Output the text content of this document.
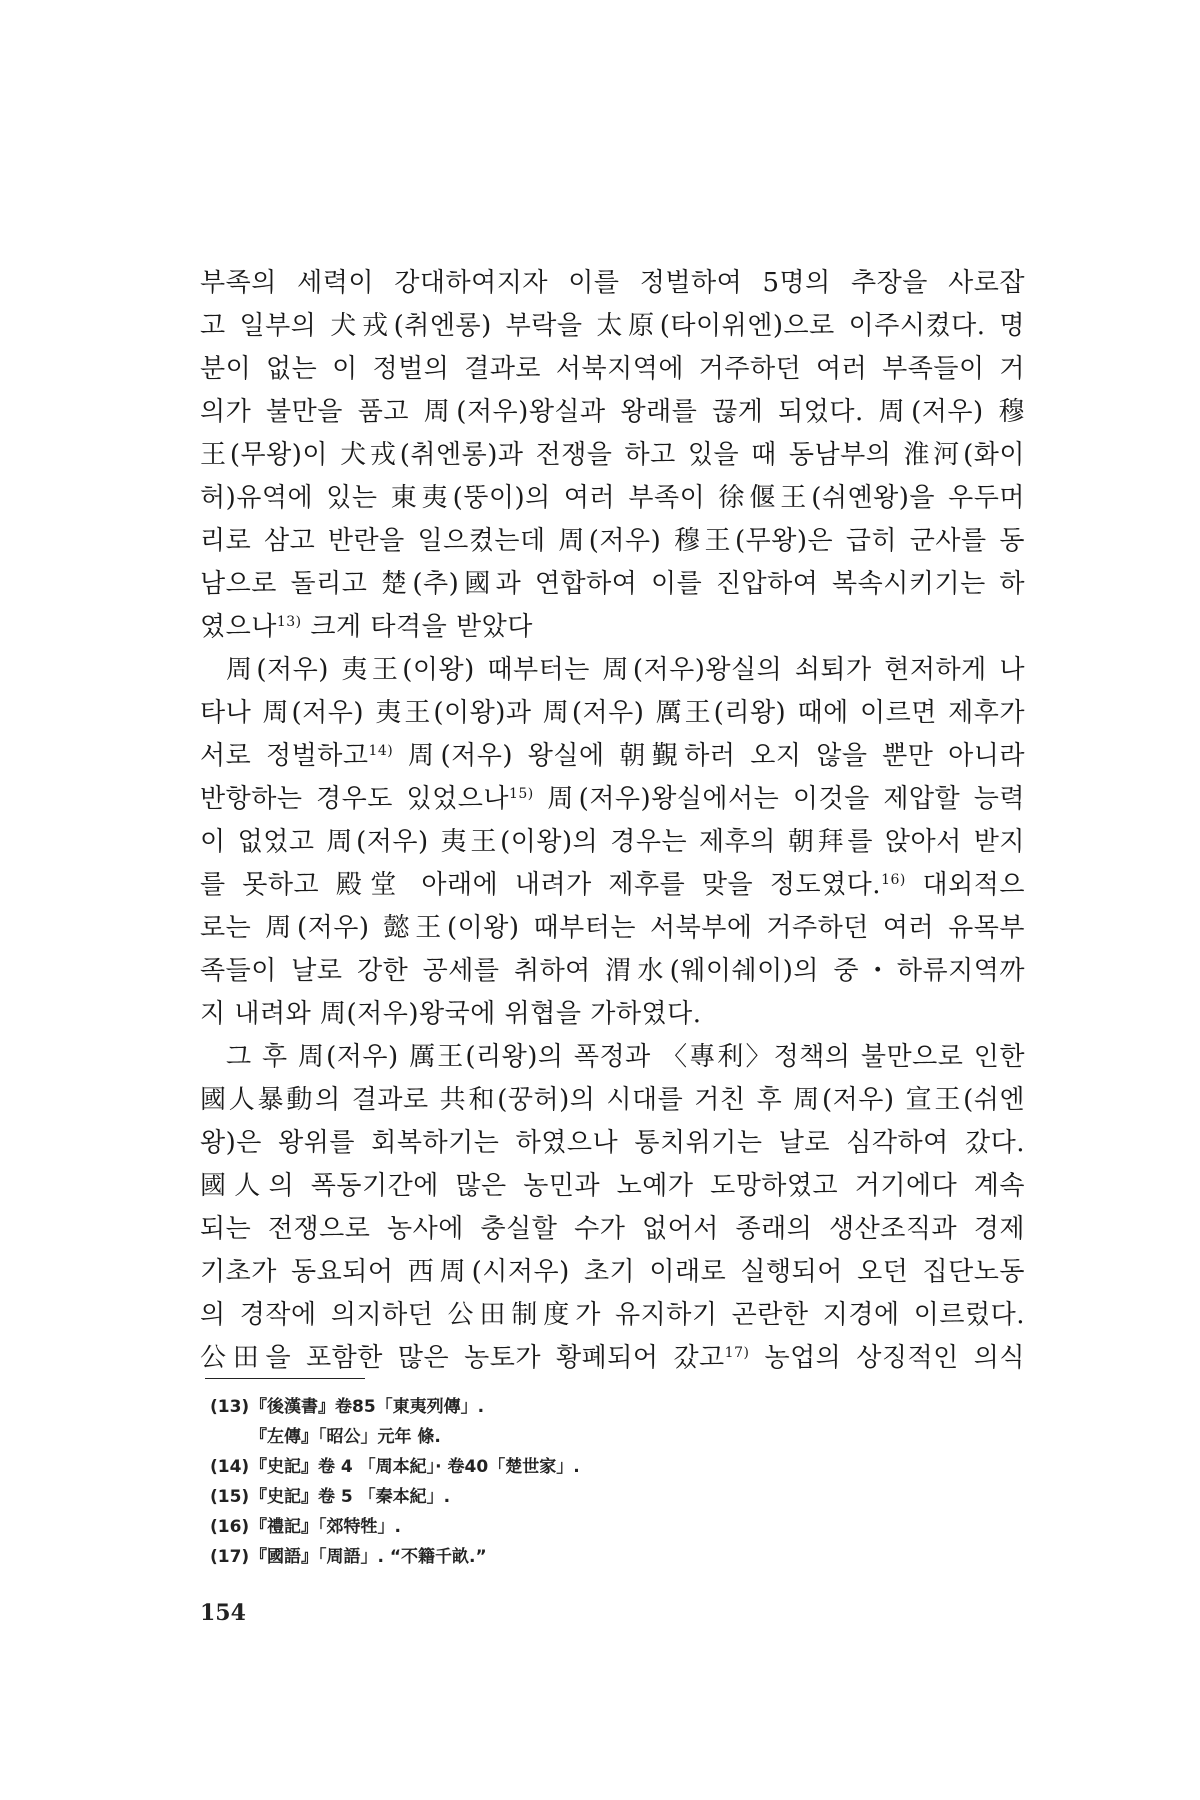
부족의 세력이 강대하여지자 이를 정벌하여 5명의 추장을 사로잡

고 일부의 犬戎(취엔롱) 부락을 太原(타이위엔)으로 이주시켰다. 명

분이 없는 이 정벌의 결과로 서북지역에 거주하던 여러 부족들이 거

의가 불만을 품고 周(저우)왕실과 왕래를 끊게 되었다. 周(저우) 穆

王(무왕)이 犬戎(취엔롱)과 전쟁을 하고 있을 때 동남부의 淮河(화이

허)유역에 있는 東夷(뚱이)의 여러 부족이 徐偃王(쉬옌왕)을 우두머

리로 삼고 반란을 일으켰는데 周(저우) 穆王(무왕)은 급히 군사를 동

남으로 돌리고 楚(추)國과 연합하여 이를 진압하여 복속시키기는 하

였으나$^{13)}$ 크게 타격을 받았다

周(저우) 夷王(이왕) 때부터는 周(저우)왕실의 쇠퇴가 현저하게 나

타나 周(저우) 夷王(이왕)과 周(저우) 厲王(리왕) 때에 이르면 제후가

서로 정벌하고$^{14)}$ 周(저우) 왕실에 朝覲하러 오지 않을 뿐만 아니라

반항하는 경우도 있었으나$^{15)}$ 周(저우)왕실에서는 이것을 제압할 능력

이 없었고 周(저우) 夷王(이왕)의 경우는 제후의 朝拜를 앉아서 받지

를 못하고 殿堂 아래에 내려가 제후를 맞을 정도였다.$^{16)}$ 대외적으

로는 周(저우) 懿王(이왕) 때부터는 서북부에 거주하던 여러 유목부

족들이 날로 강한 공세를 취하여 渭水(웨이쉐이)의 중・하류지역까

지 내려와 周(저우)왕국에 위협을 가하였다.

그 후 周(저우) 厲王(리왕)의 폭정과 〈專利〉정책의 불만으로 인한

國人暴動의 결과로 共和(꿍허)의 시대를 거친 후 周(저우) 宣王(쉬엔

왕)은 왕위를 회복하기는 하였으나 통치위기는 날로 심각하여 갔다.

國人의 폭동기간에 많은 농민과 노예가 도망하였고 거기에다 계속

되는 전쟁으로 농사에 충실할 수가 없어서 종래의 생산조직과 경제

기초가 동요되어 西周(시저우) 초기 이래로 실행되어 오던 집단노동

의 경작에 의지하던 公田制度가 유지하기 곤란한 지경에 이르렀다.

公田을 포함한 많은 농토가 황폐되어 갔고$^{17)}$ 농업의 상징적인 의식

(13)『後漢書』卷85「東夷列傳」.
『左傳』「昭公」元年 條.
(14)『史記』卷 4 「周本紀」· 卷40「楚世家」.
(15)『史記』卷 5 「秦本紀」.
(16)『禮記』「郊特牲」.
(17)『國語』「周語」. “不籍千畝.”
154
